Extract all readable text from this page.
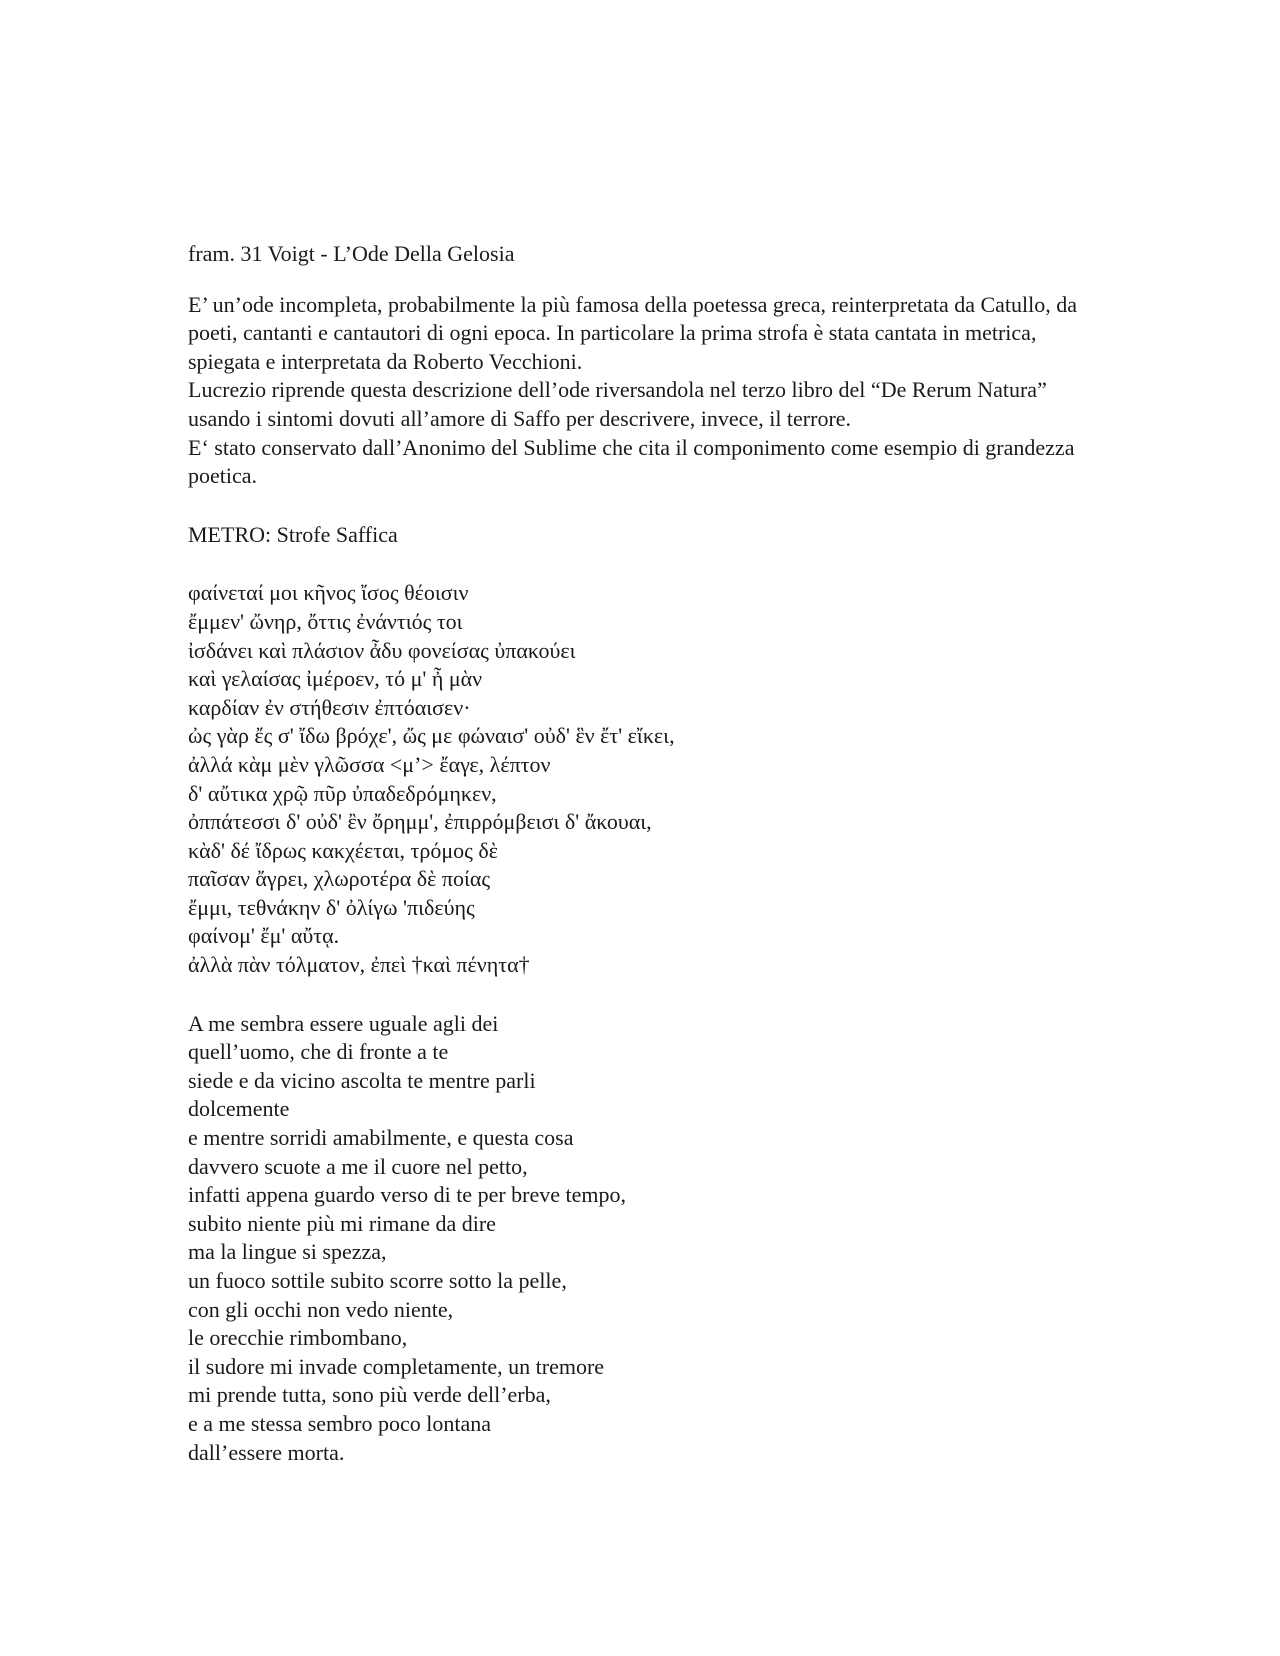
fram. 31 Voigt - L’Ode Della Gelosia

E’ un’ode incompleta, probabilmente la più famosa della poetessa greca, reinterpretata da Catullo, da poeti, cantanti e cantautori di ogni epoca. In particolare la prima strofa è stata cantata in metrica, spiegata e interpretata da Roberto Vecchioni.

Lucrezio riprende questa descrizione dell’ode riversandola nel terzo libro del “De Rerum Natura” usando i sintomi dovuti all’amore di Saffo per descrivere, invece, il terrore.

E‘ stato conservato dall’Anonimo del Sublime che cita il componimento come esempio di grandezza poetica.

METRO: Strofe Saffica
φαίνεταί μοι κῆνος ἴσος θέοισιν
ἔμμεν' ὤνηρ, ὄττις ἐνάντιός τοι
ἰσδάνει καὶ πλάσιον ἆδυ φονείσας ὐπακούει
καὶ γελαίσας ἰμέροεν, τό μ' ἦ μὰν
καρδίαν ἐν στήθεσιν ἐπτόαισεν·
ὠς γὰρ ἔς σ' ἴδω βρόχε', ὤς με φώναισ' οὐδ' ἓν ἔτ' εἴκει,
ἀλλά κὰμ μὲν γλῶσσα <μ’> ἔαγε, λέπτον
δ' αὔτικα χρῷ πῦρ ὐπαδεδρόμηκεν,
ὀππάτεσσι δ' οὐδ' ἒν ὄρημμ', ἐπιρρόμβεισι δ' ἄκουαι,
κὰδ' δέ ἴδρως κακχέεται, τρόμος δὲ
παῖσαν ἄγρει, χλωροτέρα δὲ ποίας
ἔμμι, τεθνάκην δ' ὀλίγω 'πιδεύης
φαίνομ' ἔμ' αὔτᾳ.
ἀλλὰ πὰν τόλματον, ἐπεὶ †καὶ πένητα†
A me sembra essere uguale agli dei
quell’uomo, che di fronte a te
siede e da vicino ascolta te mentre parli
dolcemente
e mentre sorridi amabilmente, e questa cosa
davvero scuote a me il cuore nel petto,
infatti appena guardo verso di te per breve tempo,
subito niente più mi rimane da dire
ma la lingue si spezza,
un fuoco sottile subito scorre sotto la pelle,
con gli occhi non vedo niente,
le orecchie rimbombano,
il sudore mi invade completamente, un tremore
mi prende tutta, sono più verde dell’erba,
e a me stessa sembro poco lontana
dall’essere morta.
